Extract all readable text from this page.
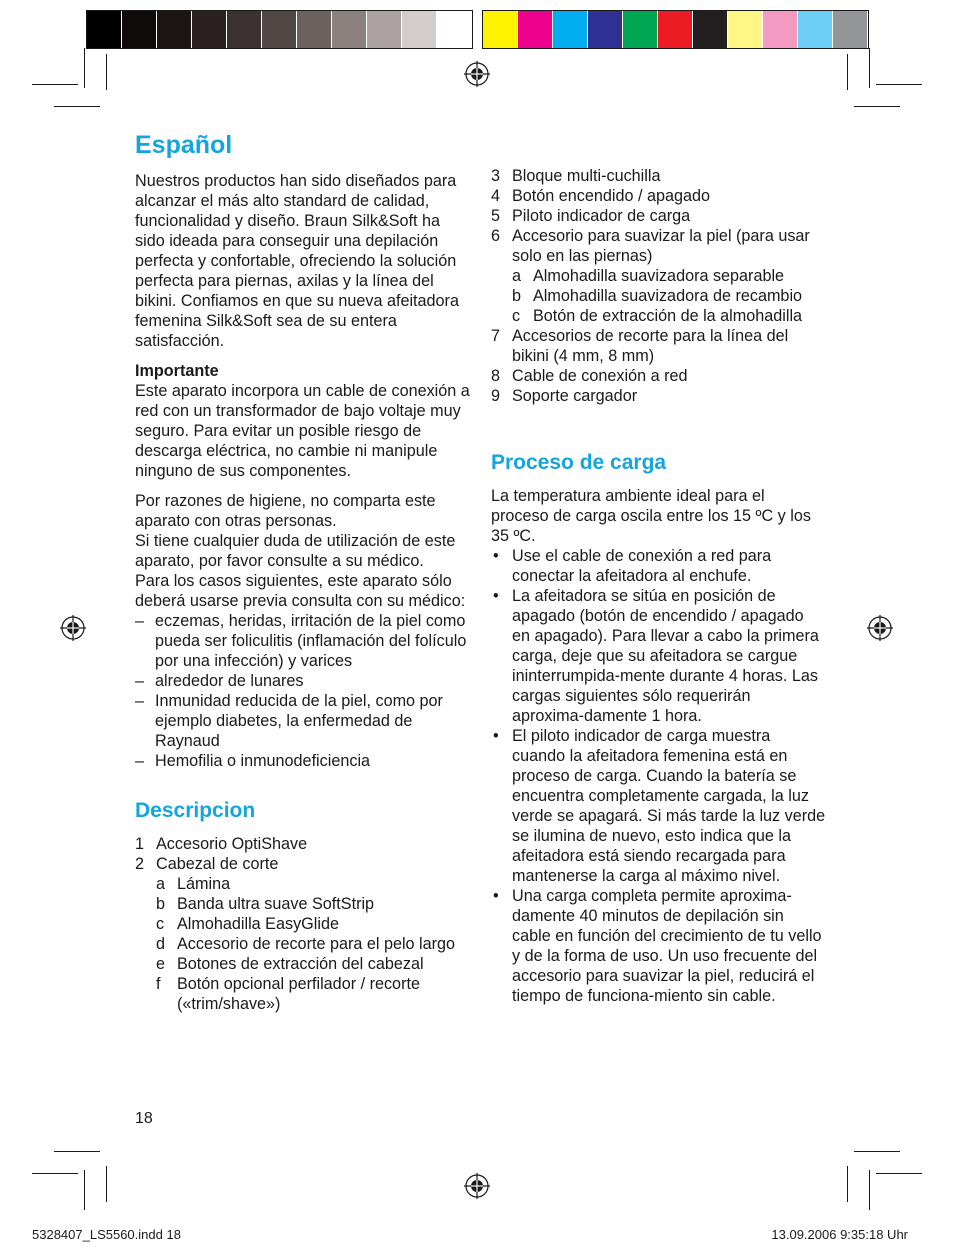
Español

Nuestros productos han sido diseñados para alcanzar el más alto standard de calidad, funcionalidad y diseño. Braun Silk&Soft ha sido ideada para conseguir una depilación perfecta y confortable, ofreciendo la solución perfecta para piernas, axilas y la línea del bikini. Confiamos en que su nueva afeitadora femenina Silk&Soft sea de su entera satisfacción.

Importante

Este aparato incorpora un cable de conexión a red con un transformador de bajo voltaje muy seguro. Para evitar un posible riesgo de descarga eléctrica, no cambie ni manipule ninguno de sus componentes.

Por razones de higiene, no comparta este aparato con otras personas.

Si tiene cualquier duda de utilización de este aparato, por favor consulte a su médico.

Para los casos siguientes, este aparato sólo deberá usarse previa consulta con su médico:

– eczemas, heridas, irritación de la piel como pueda ser foliculitis (inflamación del folículo por una infección) y varices
– alrededor de lunares
– Inmunidad reducida de la piel, como por ejemplo diabetes, la enfermedad de Raynaud
– Hemofilia o inmunodeficiencia
Descripcion
1 Accesorio OptiShave
2 Cabezal de corte
a Lámina
b Banda ultra suave SoftStrip
c Almohadilla EasyGlide
d Accesorio de recorte para el pelo largo
e Botones de extracción del cabezal
f	Botón opcional perfilador / recorte («trim/shave»)
3 Bloque multi-cuchilla
4 Botón encendido / apagado
5 Piloto indicador de carga
6 Accesorio para suavizar la piel (para usar solo en las piernas)
a Almohadilla suavizadora separable
b Almohadilla suavizadora de recambio
c Botón de extracción de la almohadilla
7 Accesorios de recorte para la línea del bikini (4 mm, 8 mm)
8 Cable de conexión a red
9 Soporte cargador
Proceso de carga

La temperatura ambiente ideal para el proceso de carga oscila entre los 15 ºC y los 35 ºC.

• Use el cable de conexión a red para conectar la afeitadora al enchufe.
• La afeitadora se sitúa en posición de apagado (botón de encendido / apagado en apagado). Para llevar a cabo la primera carga, deje que su afeitadora se cargue ininterrumpida-mente durante 4 horas. Las cargas siguientes sólo requerirán aproxima-damente 1 hora.
• El piloto indicador de carga muestra cuando la afeitadora femenina está en proceso de carga. Cuando la batería se encuentra completamente cargada, la luz verde se apagará. Si más tarde la luz verde se ilumina de nuevo, esto indica que la afeitadora está siendo recargada para mantenerse la carga al máximo nivel.
• Una carga completa permite aproxima-damente 40 minutos de depilación sin cable en función del crecimiento de tu vello y de la forma de uso. Un uso frecuente del accesorio para suavizar la piel, reducirá el tiempo de funciona-miento sin cable.
18
5328407_LS5560.indd 18	13.09.2006 9:35:18 Uhr
